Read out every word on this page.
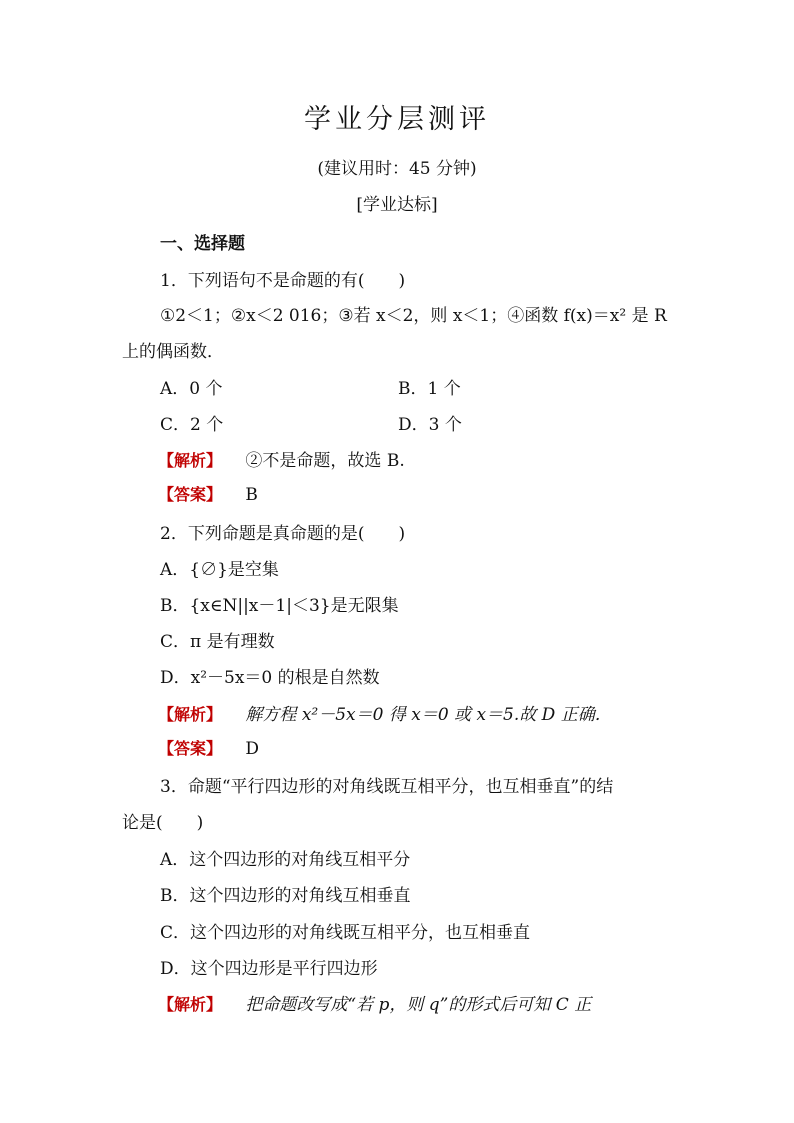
学业分层测评
(建议用时：45 分钟)
[学业达标]
一、选择题
1．下列语句不是命题的有(　　)
①2＜1；②x＜2 016；③若 x＜2，则 x＜1；④函数 f(x)＝x² 是 R
上的偶函数．
A．0 个	B．1 个
C．2 个	D．3 个
【解析】 ②不是命题，故选 B.
【答案】 B
2．下列命题是真命题的是(　　)
A．{∅}是空集
B．{x∈N||x－1|＜3}是无限集
C．π 是有理数
D．x²－5x＝0 的根是自然数
【解析】 解方程 x²－5x＝0 得 x＝0 或 x＝5.故 D 正确．
【答案】 D
3．命题“平行四边形的对角线既互相平分，也互相垂直”的结
论是(　　)
A．这个四边形的对角线互相平分
B．这个四边形的对角线互相垂直
C．这个四边形的对角线既互相平分，也互相垂直
D．这个四边形是平行四边形
【解析】 把命题改写成“若 p，则 q”的形式后可知 C 正
